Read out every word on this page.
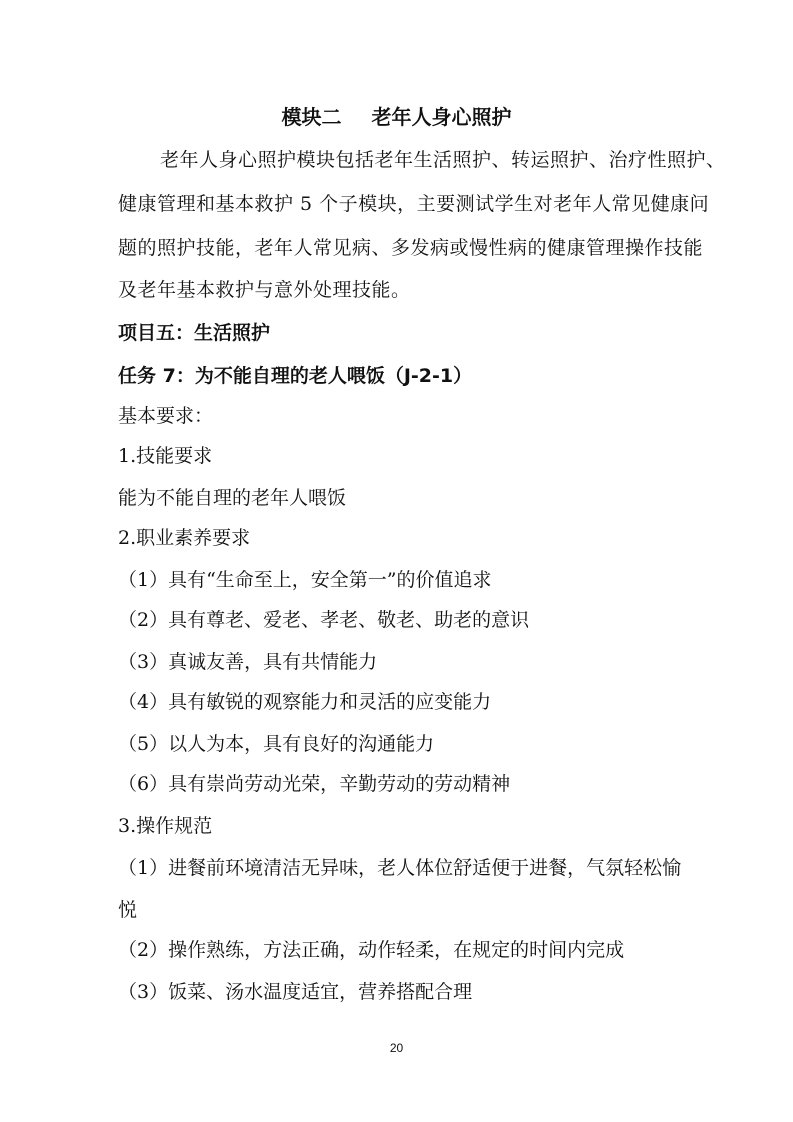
模块二 老年人身心照护
老年人身心照护模块包括老年生活照护、转运照护、治疗性照护、
健康管理和基本救护 5 个子模块，主要测试学生对老年人常见健康问
题的照护技能，老年人常见病、多发病或慢性病的健康管理操作技能
及老年基本救护与意外处理技能。
项目五：生活照护
任务 7：为不能自理的老人喂饭（J-2-1）
基本要求：
1.技能要求
能为不能自理的老年人喂饭
2.职业素养要求
（1）具有“生命至上，安全第一”的价值追求
（2）具有尊老、爱老、孝老、敬老、助老的意识
（3）真诚友善，具有共情能力
（4）具有敏锐的观察能力和灵活的应变能力
（5）以人为本，具有良好的沟通能力
（6）具有崇尚劳动光荣，辛勤劳动的劳动精神
3.操作规范
（1）进餐前环境清洁无异味，老人体位舒适便于进餐，气氛轻松愉
悦
（2）操作熟练，方法正确，动作轻柔，在规定的时间内完成
（3）饭菜、汤水温度适宜，营养搭配合理
20
